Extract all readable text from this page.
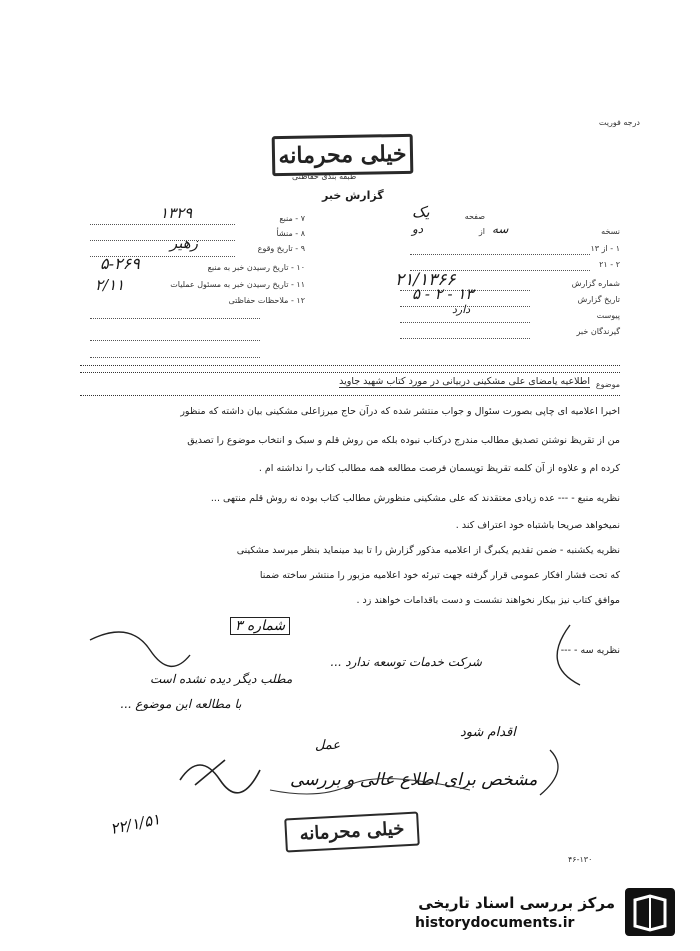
درجه فوریت
خیلی محرمانه
طبقه بندی حفاظتی
گزارش خبر
صفحه
یک
از
دو	نسخه
سه
۱ - از ۱۳
۲ - ۲۱
شماره گزارش
۲۱/۱۳۶۶
تاریخ گزارش
۵ - ۲ - ۱۳
پیوست
دارد
گیرندگان خبر
۷ - منبع
۱۳۲۹
۸ - منشأ
۹ - تاریخ وقوع
زهیر
۱۰ - تاریخ رسیدن خبر به منبع
۵-۲۶۹
۱۱ - تاریخ رسیدن خبر به مسئول عملیات
۲/۱۱
۱۲ - ملاحظات حفاظتی
موضوع
اطلاعیه یامضای علی مشکینی دربیانی در مورد کتاب شهید جاوید
اخیرا اعلامیه ای چاپی بصورت سئوال و جواب منتشر شده که درآن حاج میرزاعلی مشکینی بیان داشته که منظور
من از تقریظ نوشتن تصدیق مطالب مندرج درکتاب نبوده بلکه من روش قلم و سبک و انتخاب موضوع را تصدیق
کرده ام و علاوه از آن کلمه تقریظ تویسمان فرصت مطالعه همه مطالب کتاب را نداشته ام .
نظریه منبع - --- عده زیادی معتقدند که علی مشکینی منظورش مطالب کتاب بوده نه روش قلم منتهی ...
نمیخواهد صریحا باشتباه خود اعتراف کند .
نظریه یکشنبه - ضمن تقدیم یکبرگ از اعلامیه مذکور گزارش را تا بید مینماید بنظر میرسد مشکینی
که تحت فشار افکار عمومی قرار گرفته جهت تبرئه خود اعلامیه مزبور را منتشر ساخته ضمنا
موافق کتاب نیز بیکار نخواهند نشست و دست باقدامات خواهند زد .
نظریه سه - ---
شماره ۳
شرکت خدمات توسعه ندارد ...
مطلب دیگر دیده نشده است
با مطالعه این موضوع ...
اقدام شود
عمل
مشخص برای اطلاع عالی و بررسی
۲۲/۱/۵۱	خیلی محرمانه
۴۶-۱۳۰
مرکز بررسی اسناد تاریخی
historydocuments.ir
